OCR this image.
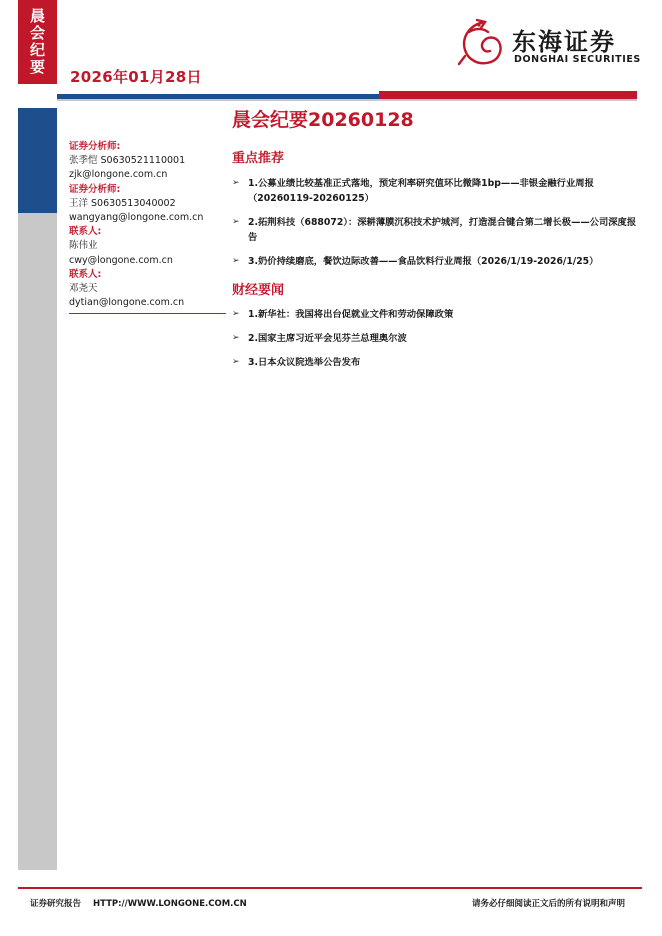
晨
会
纪
要
2026年01月28日
东海证券
DONGHAI SECURITIES
证券分析师:
张季恺 S0630521110001
zjk@longone.com.cn
证券分析师:
王洋 S0630513040002
wangyang@longone.com.cn
联系人:
陈伟业
cwy@longone.com.cn
联系人:
邓尧天
dytian@longone.com.cn
晨会纪要20260128
重点推荐
➢ 1.公募业绩比较基准正式落地，预定利率研究值环比微降1bp——非银金融行业周报（20260119-20260125）
➢ 2.拓荆科技（688072）：深耕薄膜沉积技术护城河，打造混合键合第二增长极——公司深度报告
➢ 3.奶价持续磨底，餐饮边际改善——食品饮料行业周报（2026/1/19-2026/1/25）
财经要闻
➢ 1.新华社：我国将出台促就业文件和劳动保障政策
➢ 2.国家主席习近平会见芬兰总理奥尔波
➢ 3.日本众议院选举公告发布
证券研究报告 HTTP://WWW.LONGONE.COM.CN	请务必仔细阅读正文后的所有说明和声明
